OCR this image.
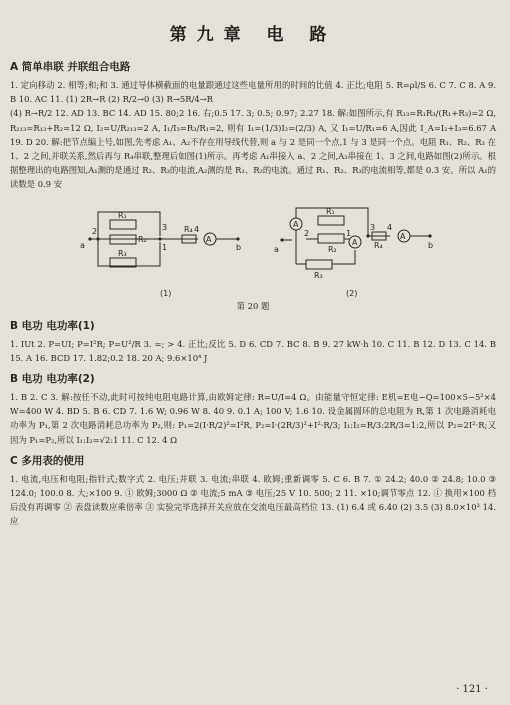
第九章 电 路
A 简单串联 并联组合电路

1. 定向移动 2. 相等;和;和 3. 通过导体横截面的电量跟通过这些电量所用的时间的比值 4. 正比;电阻 5. R=ρl/S 6. C 7. C 8. A 9. B 10. AC 11. (1) 2R→R (2) R/2→0 (3) R→5R/4→R

(4) R→R/2 12. AD 13. BC 14. AD 15. 80;2 16. 右;0.5 17. 3; 0.5; 0.97; 2.27 18. 解:如图所示,有 R₁₃=R₁R₃/(R₁+R₃)=2 Ω, R₂₁₃=R₁₃+R₂=12 Ω, I₂=U/R₂₁₃=2 A, I₁/I₃=R₃/R₁=2, 则有 I₁=(1/3)I₂=(2/3) A, 又 I₁=U/R₁=6 A,因此 I_A=I₂+I₃=6.67 A 19. D 20. 解:把节点编上号,如图,先考虑 A₁、A₂不存在用导线代替,则 a 与 2 是同一个点,1 与 3 是同一个点。电阻 R₁、R₂、R₃ 在 1、2 之间,并联关系,然后再与 R₄串联,整理后如图(1)所示。再考虑 A₁串接入 a、2 之间,A₂串接在 1、3 之间,电路如图(2)所示。根据整理出的电路图知,A₁测的是通过 R₂、R₃的电流,A₂测的是 R₁、R₂的电流。通过 R₁、R₂、R₃的电流相等,都是 0.3 安。所以 A₁的读数是 0.9 安

R₁
R₂
R₃
R₄
2	3
1
4
a	b
A
A
A
A
R₁
R₂
R₃
R₄
3 4
2	1
a	b
(1)	(2)
第 20 题
B 电功 电功率(1)

1. IUt 2. P=UI; P=I²R; P=U²/R 3. =; > 4. 正比;反比 5. D 6. CD 7. BC 8. B 9. 27 kW·h 10. C 11. B 12. D 13. C 14. B 15. A 16. BCD 17. 1.82;0.2 18. 20 A; 9.6×10⁴ J

B 电功 电功率(2)

1. B 2. C 3. 解:按任不动,此时可按纯电阻电路计算,由欧姆定律: R=U/I=4 Ω。由能量守恒定律: E机=E电−Q=100×5−5²×4 W=400 W 4. BD 5. B 6. CD 7. 1.6 W; 0.96 W 8. 40 9. 0.1 A; 100 V; 1.6 10. 设金属圆环的总电阻为 R,第 1 次电路消耗电功率为 P₁,第 2 次电路消耗总功率为 P₂,则: P₁=2(I·R/2)²=I²R, P₂=I·(2R/3)²+I²·R/3; I₁:I₂=R/3:2R/3=1:2,所以 P₂=2I²·R;又因为 P₁=P₂,所以 I₁:I₂=√2:1 11. C 12. 4 Ω

C 多用表的使用

1. 电流,电压和电阻;指针式;数字式 2. 电压;并联 3. 电流;串联 4. 欧姆;重新调零 5. C 6. B 7. ① 24.2; 40.0 ② 24.8; 10.0 ③ 124.0; 100.0 8. 大;×100 9. ① 欧姆;3000 Ω ② 电流;5 mA ③ 电压;25 V 10. 500; 2 11. ×10;调节零点 12. ① 换用×100 档后没有再调零 ② 表盘读数应乘倍率 ③ 实验完毕选择开关应放在交流电压最高档位 13. (1) 6.4 或 6.40 (2) 3.5 (3) 8.0×10³ 14. 应

· 121 ·
